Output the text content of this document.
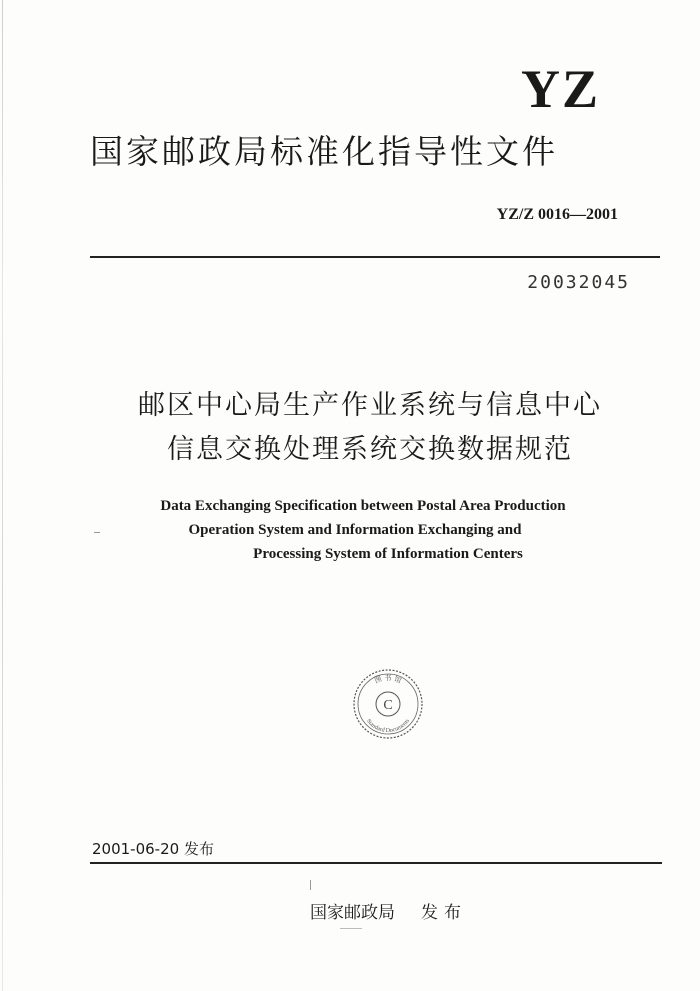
YZ
国家邮政局标准化指导性文件
YZ/Z 0016—2001
20032045
邮区中心局生产作业系统与信息中心
信息交换处理系统交换数据规范
Data Exchanging Specification between Postal Area Production
Operation System and Information Exchanging and
Processing System of Information Centers
C
图 书 馆
Standard Documents
2001-06-20 发布
国家邮政局 发布
